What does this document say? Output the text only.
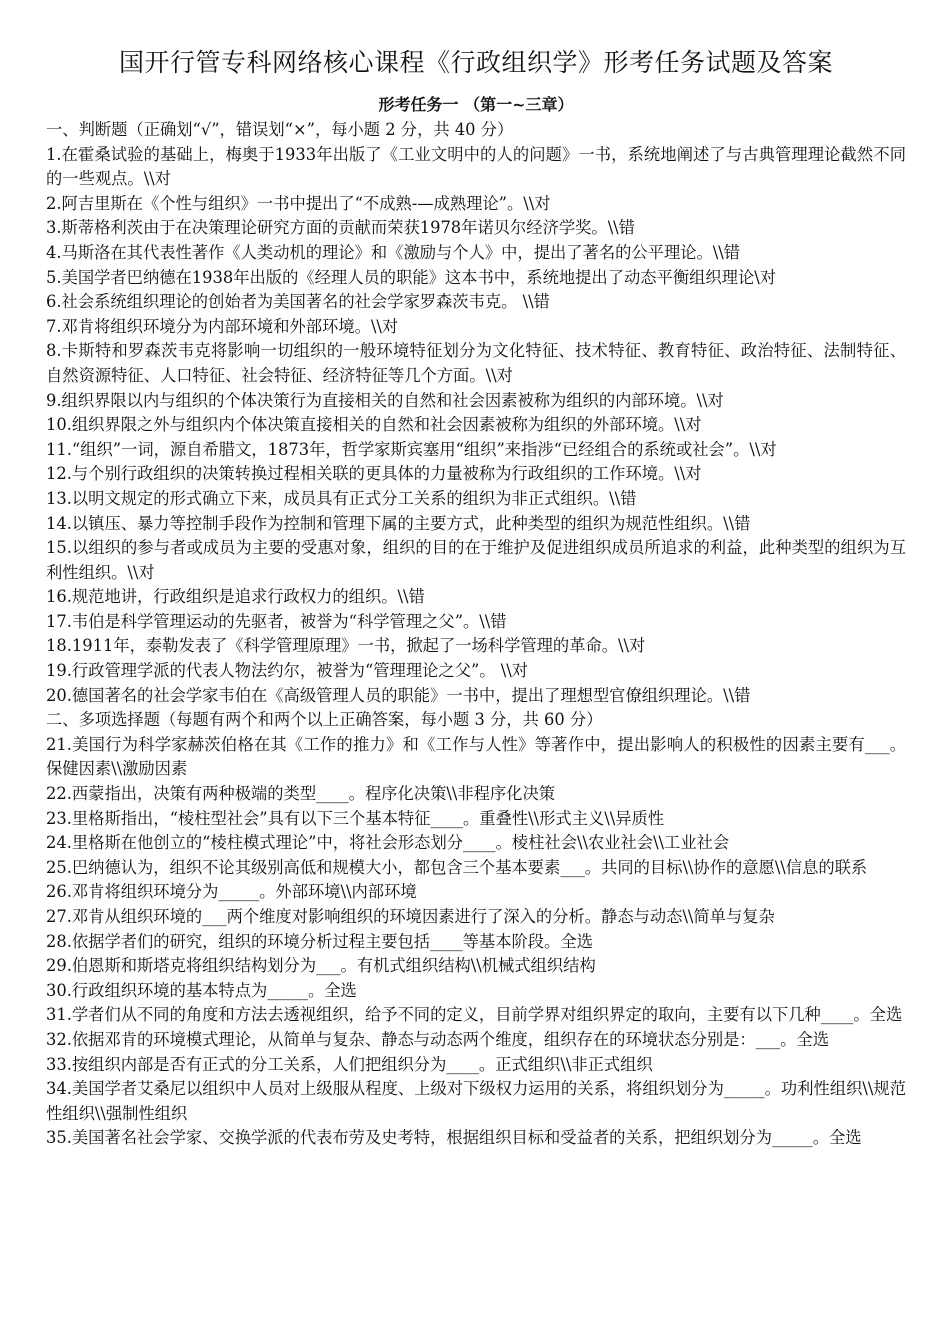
国开行管专科网络核心课程《行政组织学》形考任务试题及答案
形考任务一 （第一~三章）

一、判断题（正确划“√”，错误划“×”，每小题 2 分，共 40 分）

1.在霍桑试验的基础上，梅奥于1933年出版了《工业文明中的人的问题》一书，系统地阐述了与古典管理理论截然不同的一些观点。\\对

2.阿吉里斯在《个性与组织》一书中提出了“不成熟-—成熟理论”。\\对

3.斯蒂格利茨由于在决策理论研究方面的贡献而荣获1978年诺贝尔经济学奖。\\错

4.马斯洛在其代表性著作《人类动机的理论》和《激励与个人》中，提出了著名的公平理论。\\错

5.美国学者巴纳德在1938年出版的《经理人员的职能》这本书中，系统地提出了动态平衡组织理论\对

6.社会系统组织理论的创始者为美国著名的社会学家罗森茨韦克。 \\错

7.邓肯将组织环境分为内部环境和外部环境。\\对

8.卡斯特和罗森茨韦克将影响一切组织的一般环境特征划分为文化特征、技术特征、教育特征、政治特征、法制特征、自然资源特征、人口特征、社会特征、经济特征等几个方面。\\对

9.组织界限以内与组织的个体决策行为直接相关的自然和社会因素被称为组织的内部环境。\\对

10.组织界限之外与组织内个体决策直接相关的自然和社会因素被称为组织的外部环境。\\对

11.“组织”一词，源自希腊文，1873年，哲学家斯宾塞用“组织”来指涉“已经组合的系统或社会”。\\对

12.与个别行政组织的决策转换过程相关联的更具体的力量被称为行政组织的工作环境。\\对

13.以明文规定的形式确立下来，成员具有正式分工关系的组织为非正式组织。\\错

14.以镇压、暴力等控制手段作为控制和管理下属的主要方式，此种类型的组织为规范性组织。\\错

15.以组织的参与者或成员为主要的受惠对象，组织的目的在于维护及促进组织成员所追求的利益，此种类型的组织为互利性组织。\\对

16.规范地讲，行政组织是追求行政权力的组织。\\错

17.韦伯是科学管理运动的先驱者，被誉为“科学管理之父”。\\错

18.1911年，泰勒发表了《科学管理原理》一书，掀起了一场科学管理的革命。\\对

19.行政管理学派的代表人物法约尔，被誉为“管理理论之父”。 \\对

20.德国著名的社会学家韦伯在《高级管理人员的职能》一书中，提出了理想型官僚组织理论。\\错

二、多项选择题（每题有两个和两个以上正确答案，每小题 3 分，共 60 分）

21.美国行为科学家赫茨伯格在其《工作的推力》和《工作与人性》等著作中，提出影响人的积极性的因素主要有___。保健因素\\激励因素

22.西蒙指出，决策有两种极端的类型____。程序化决策\\非程序化决策

23.里格斯指出，“棱柱型社会”具有以下三个基本特征____。重叠性\\形式主义\\异质性

24.里格斯在他创立的“棱柱模式理论”中，将社会形态划分____。棱柱社会\\农业社会\\工业社会

25.巴纳德认为，组织不论其级别高低和规模大小，都包含三个基本要素___。共同的目标\\协作的意愿\\信息的联系

26.邓肯将组织环境分为_____。外部环境\\内部环境

27.邓肯从组织环境的___两个维度对影响组织的环境因素进行了深入的分析。静态与动态\\简单与复杂

28.依据学者们的研究，组织的环境分析过程主要包括____等基本阶段。全选

29.伯恩斯和斯塔克将组织结构划分为___。有机式组织结构\\机械式组织结构

30.行政组织环境的基本特点为_____。全选

31.学者们从不同的角度和方法去透视组织，给予不同的定义，目前学界对组织界定的取向，主要有以下几种____。全选

32.依据邓肯的环境模式理论，从简单与复杂、静态与动态两个维度，组织存在的环境状态分别是：___。全选

33.按组织内部是否有正式的分工关系，人们把组织分为____。正式组织\\非正式组织

34.美国学者艾桑尼以组织中人员对上级服从程度、上级对下级权力运用的关系，将组织划分为_____。功利性组织\\规范性组织\\强制性组织

35.美国著名社会学家、交换学派的代表布劳及史考特，根据组织目标和受益者的关系，把组织划分为_____。全选
